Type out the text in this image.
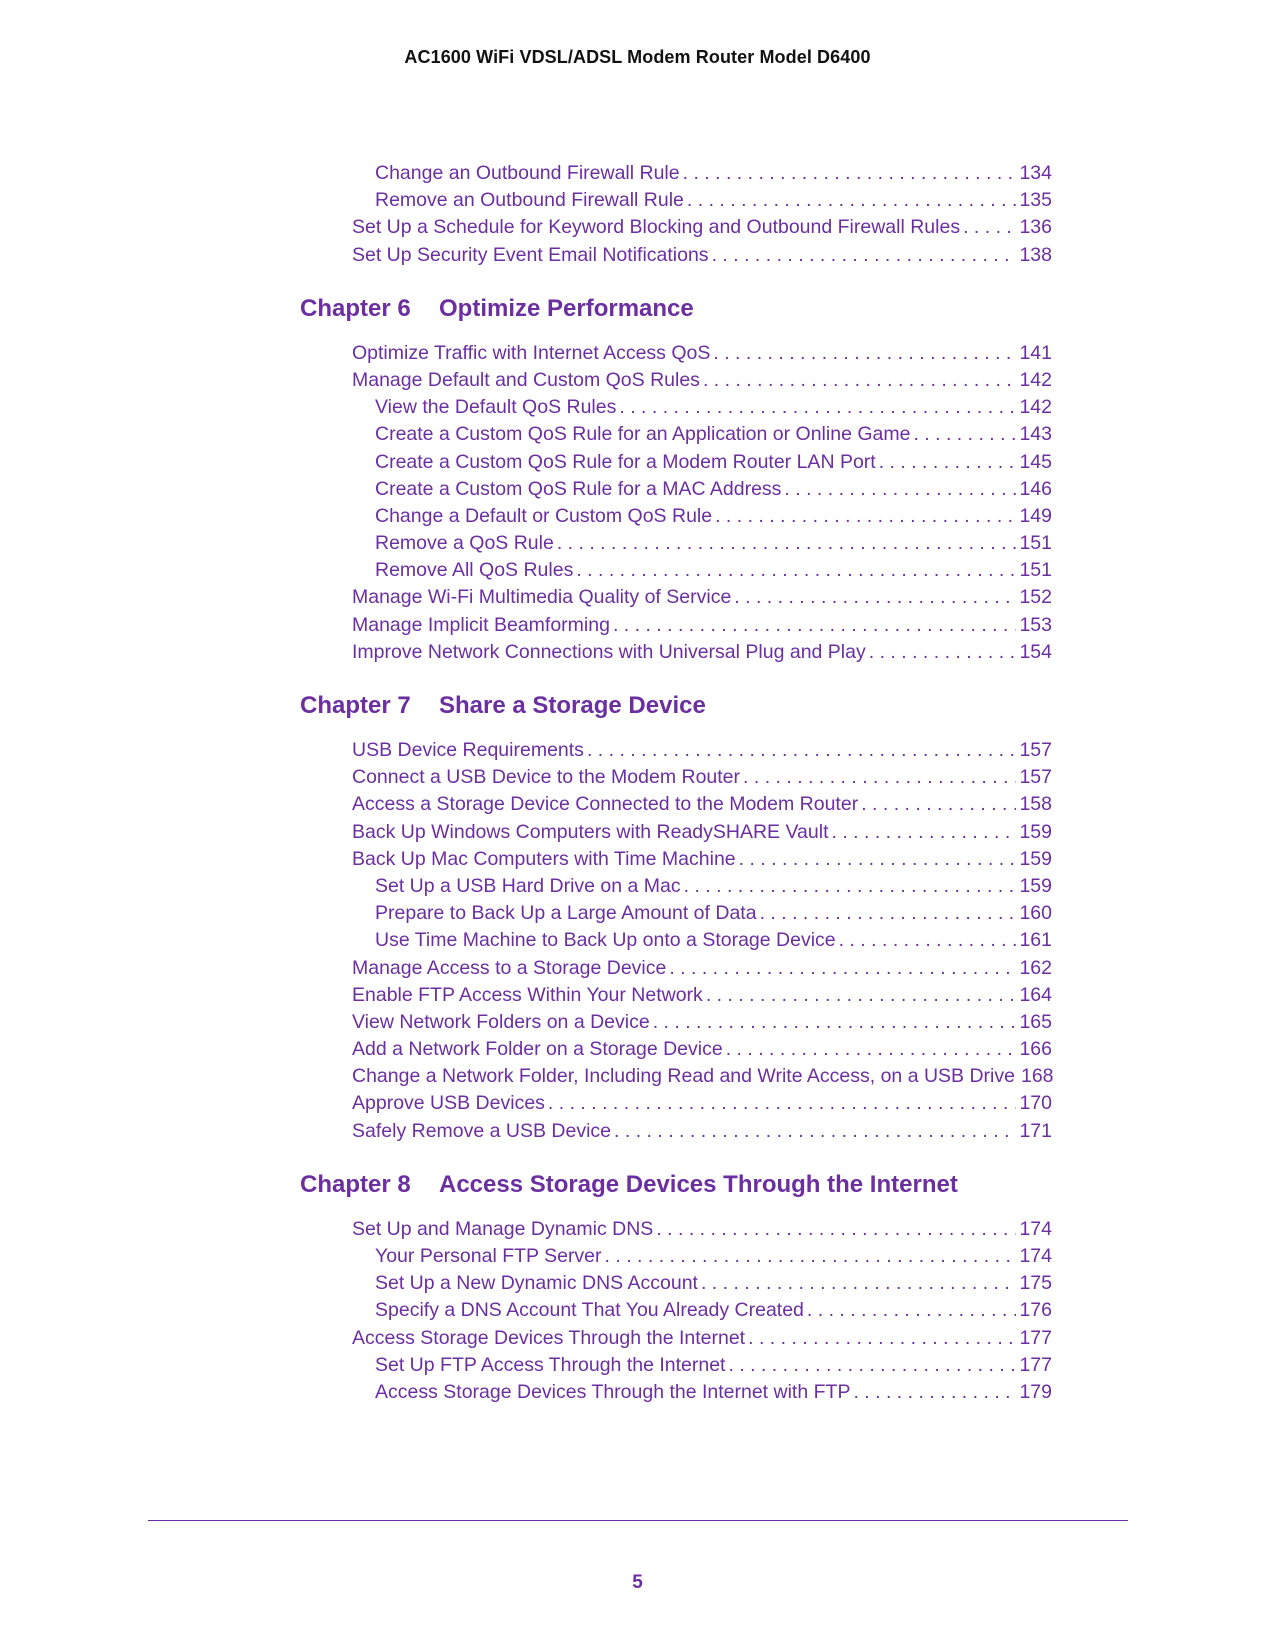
AC1600 WiFi VDSL/ADSL Modem Router Model D6400
Change an Outbound Firewall Rule . . .	134
Remove an Outbound Firewall Rule . . .	135
Set Up a Schedule for Keyword Blocking and Outbound Firewall Rules . . .	136
Set Up Security Event Email Notifications . . .	138
Chapter 6	Optimize Performance
Optimize Traffic with Internet Access QoS . . .	141
Manage Default and Custom QoS Rules . . .	142
View the Default QoS Rules . . .	142
Create a Custom QoS Rule for an Application or Online Game . . .	143
Create a Custom QoS Rule for a Modem Router LAN Port . . .	145
Create a Custom QoS Rule for a MAC Address . . .	146
Change a Default or Custom QoS Rule . . .	149
Remove a QoS Rule . . .	151
Remove All QoS Rules . . .	151
Manage Wi-Fi Multimedia Quality of Service . . .	152
Manage Implicit Beamforming . . .	153
Improve Network Connections with Universal Plug and Play . . .	154
Chapter 7	Share a Storage Device
USB Device Requirements . . .	157
Connect a USB Device to the Modem Router . . .	157
Access a Storage Device Connected to the Modem Router . . .	158
Back Up Windows Computers with ReadySHARE Vault . . .	159
Back Up Mac Computers with Time Machine . . .	159
Set Up a USB Hard Drive on a Mac . . .	159
Prepare to Back Up a Large Amount of Data . . .	160
Use Time Machine to Back Up onto a Storage Device . . .	161
Manage Access to a Storage Device . . .	162
Enable FTP Access Within Your Network . . .	164
View Network Folders on a Device . . .	165
Add a Network Folder on a Storage Device . . .	166
Change a Network Folder, Including Read and Write Access, on a USB Drive 168
Approve USB Devices . . .	170
Safely Remove a USB Device . . .	171
Chapter 8	Access Storage Devices Through the Internet
Set Up and Manage Dynamic DNS . . .	174
Your Personal FTP Server . . .	174
Set Up a New Dynamic DNS Account . . .	175
Specify a DNS Account That You Already Created . . .	176
Access Storage Devices Through the Internet . . .	177
Set Up FTP Access Through the Internet . . .	177
Access Storage Devices Through the Internet with FTP . . .	179
5
